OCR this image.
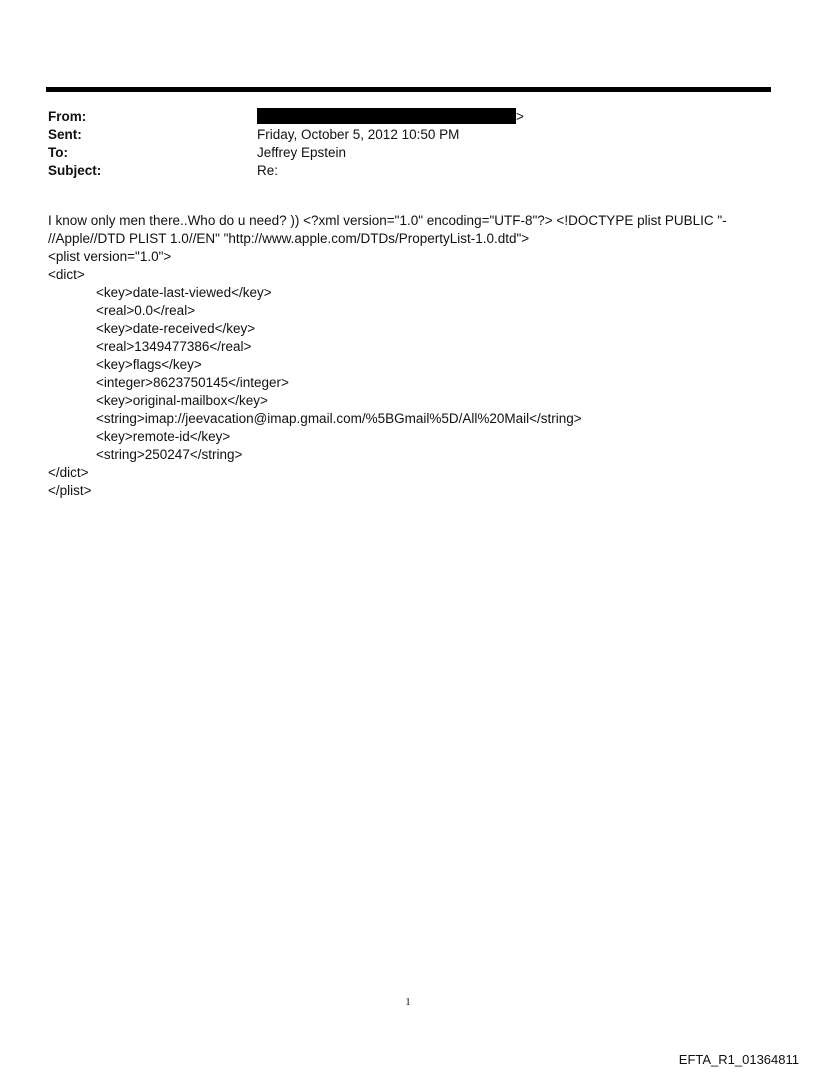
From:	>
Sent:	Friday, October 5, 2012 10:50 PM
To:	Jeffrey Epstein
Subject:	Re:
I know only men there..Who do u need? )) <?xml version="1.0" encoding="UTF-8"?> <!DOCTYPE plist PUBLIC "-
//Apple//DTD PLIST 1.0//EN" "http://www.apple.com/DTDs/PropertyList-1.0.dtd">
<plist version="1.0">
<dict>
<key>date-last-viewed</key>
<real>0.0</real>
<key>date-received</key>
<real>1349477386</real>
<key>flags</key>
<integer>8623750145</integer>
<key>original-mailbox</key>
<string>imap://jeevacation@imap.gmail.com/%5BGmail%5D/All%20Mail</string>
<key>remote-id</key>
<string>250247</string>
</dict>
</plist>
1
EFTA_R1_01364811
